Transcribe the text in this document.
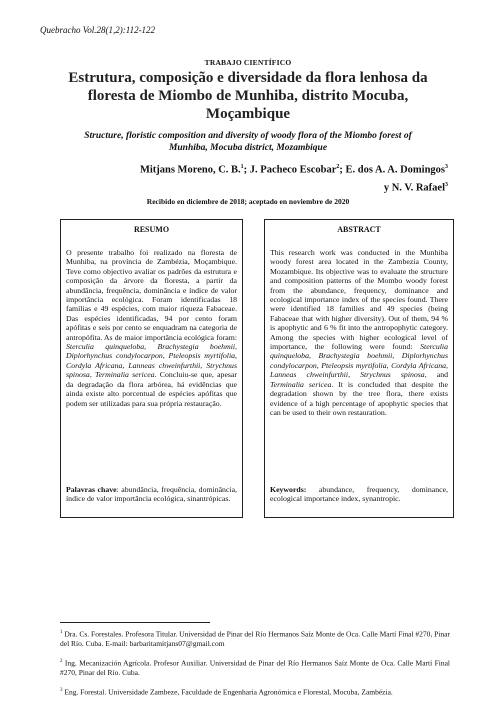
Quebracho Vol.28(1,2):112-122
TRABAJO CIENTÍFICO
Estrutura, composição e diversidade da flora lenhosa da floresta de Miombo de Munhiba, distrito Mocuba, Moçambique
Structure, floristic composition and diversity of woody flora of the Miombo forest of Munhiba, Mocuba district, Mozambique
Mitjans Moreno, C. B.$^1$; J. Pacheco Escobar$^2$; E. dos A. A. Domingos$^3$
y N. V. Rafael$^3$
Recibido en diciembre de 2018; aceptado en noviembre de 2020
RESUMO
O presente trabalho foi realizado na floresta de Munhiba, na província de Zambézia, Moçambique. Teve como objectivo avaliar os padrões da estrutura e composição da árvore da floresta, a partir da abundância, frequência, dominância e índice de valor importância ecológica. Foram identificadas 18 famílias e 49 espécies, com maior riqueza Fabaceae. Das espécies identificadas, 94 por cento foram apófitas e seis por cento se enquadram na categoria de antropófita. As de maior importância ecológica foram: Sterculia quinqueloba, Brachystegia boehmii, Diplorhynchus condylocarpon, Pteleopsis myrtifolia, Cordyla Africana, Lanneas chweinfurthii, Strychnus spinosa, Terminalia sericea. Concluiu-se que, apesar da degradação da flora arbórea, há evidências que ainda existe alto porcentual de espécies apófitas que podem ser utilizadas para sua própria restauração.
Palavras chave: abundância, frequência, dominância, índice de valor importância ecológica, sinantrópicas.
ABSTRACT
This research work was conducted in the Munhiba woody forest area located in the Zambezia County, Mozambique. Its objective was to evaluate the structure and composition patterns of the Mombo woody forest from the abundance, frequency, dominance and ecological importance index of the species found. There were identified 18 families and 49 species (being Fabaceae that with higher diversity). Out of them, 94 % is apophytic and 6 % fit into the antropophytic category. Among the species with higher ecological level of importance, the following were found: Sterculia quinqueloba, Brachystegia boehmii, Diplorhynchus condylocarpon, Pteleopsis myrtifolia, Cordyla Africana, Lanneas chweinfurthii, Strychnus spinosa, and Terminalia sericea. It is concluded that despite the degradation shown by the tree flora, there exists evidence of a high percentage of apophytic species that can be used to their own restauration.
Keywords: abundance, frequency, dominance, ecological importance index, synantropic.
$^1$ Dra. Cs. Forestales. Profesora Titular. Universidad de Pinar del Río Hermanos Saíz Monte de Oca. Calle Martí Final #270, Pinar del Río. Cuba. E-mail: barbaritamitjans07@gmail.com
$^2$ Ing. Mecanización Agrícola. Profesor Auxiliar. Universidad de Pinar del Río Hermanos Saíz Monte de Oca. Calle Martí Final #270, Pinar del Río. Cuba.
$^3$ Eng. Forestal. Universidade Zambeze, Faculdade de Engenharia Agronómica e Florestal, Mocuba, Zambézia.
